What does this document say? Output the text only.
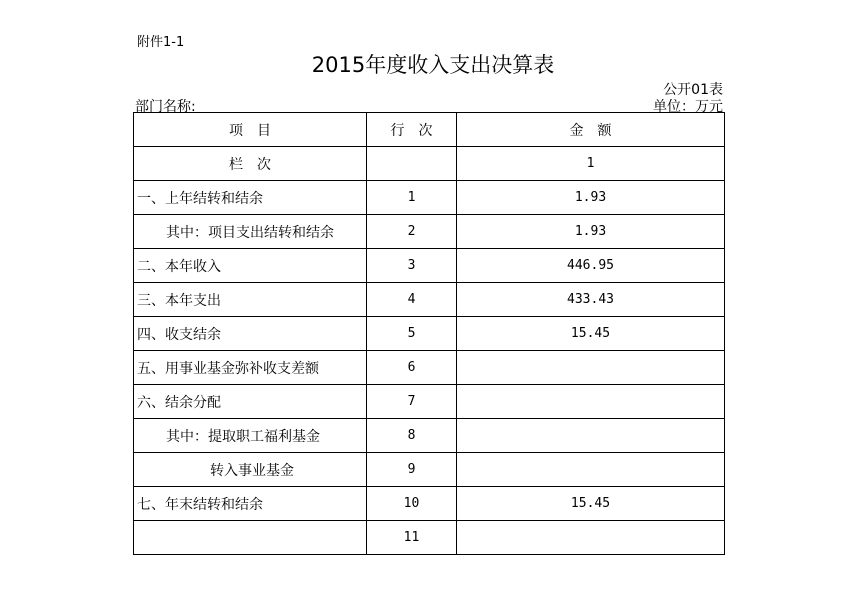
附件1-1
2015年度收入支出决算表
公开01表
部门名称:	单位：万元
项　目	行　次	金　额
栏　次		1
一、上年结转和结余	1	1.93
其中：项目支出结转和结余	2	1.93
二、本年收入	3	446.95
三、本年支出	4	433.43
四、收支结余	5	15.45
五、用事业基金弥补收支差额	6	
六、结余分配	7	
其中：提取职工福利基金	8	
转入事业基金	9	
七、年末结转和结余	10	15.45
	11	
